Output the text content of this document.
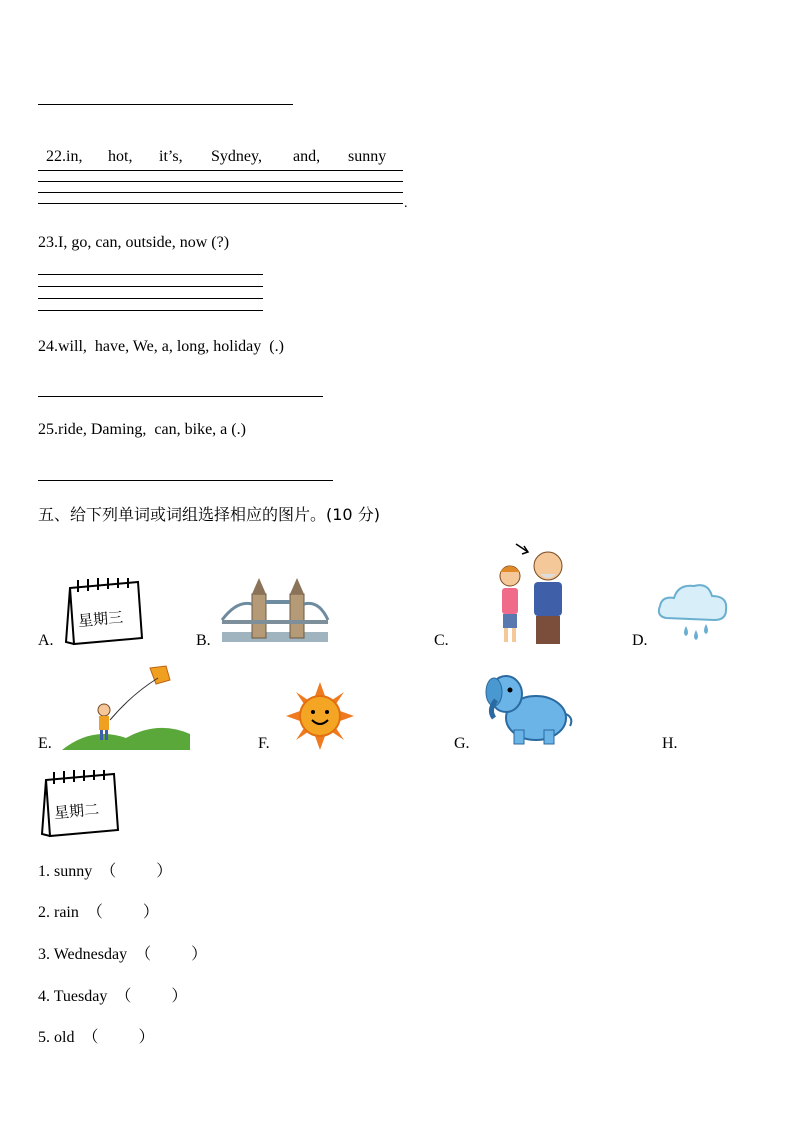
22.in, hot, it’s, Sydney, and, sunny

.
23.I, go, can, outside, now (?)
24.will,  have, We, a, long, holiday  (.)
25.ride, Daming,  can, bike, a (.)
五、给下列单词或词组选择相应的图片。(10 分)
A.
星期三
B.	C.	D.
E.	F.	G.	H.
星期二
1. sunny （          ）
2. rain （          ）
3. Wednesday （          ）
4. Tuesday （          ）
5. old （          ）
